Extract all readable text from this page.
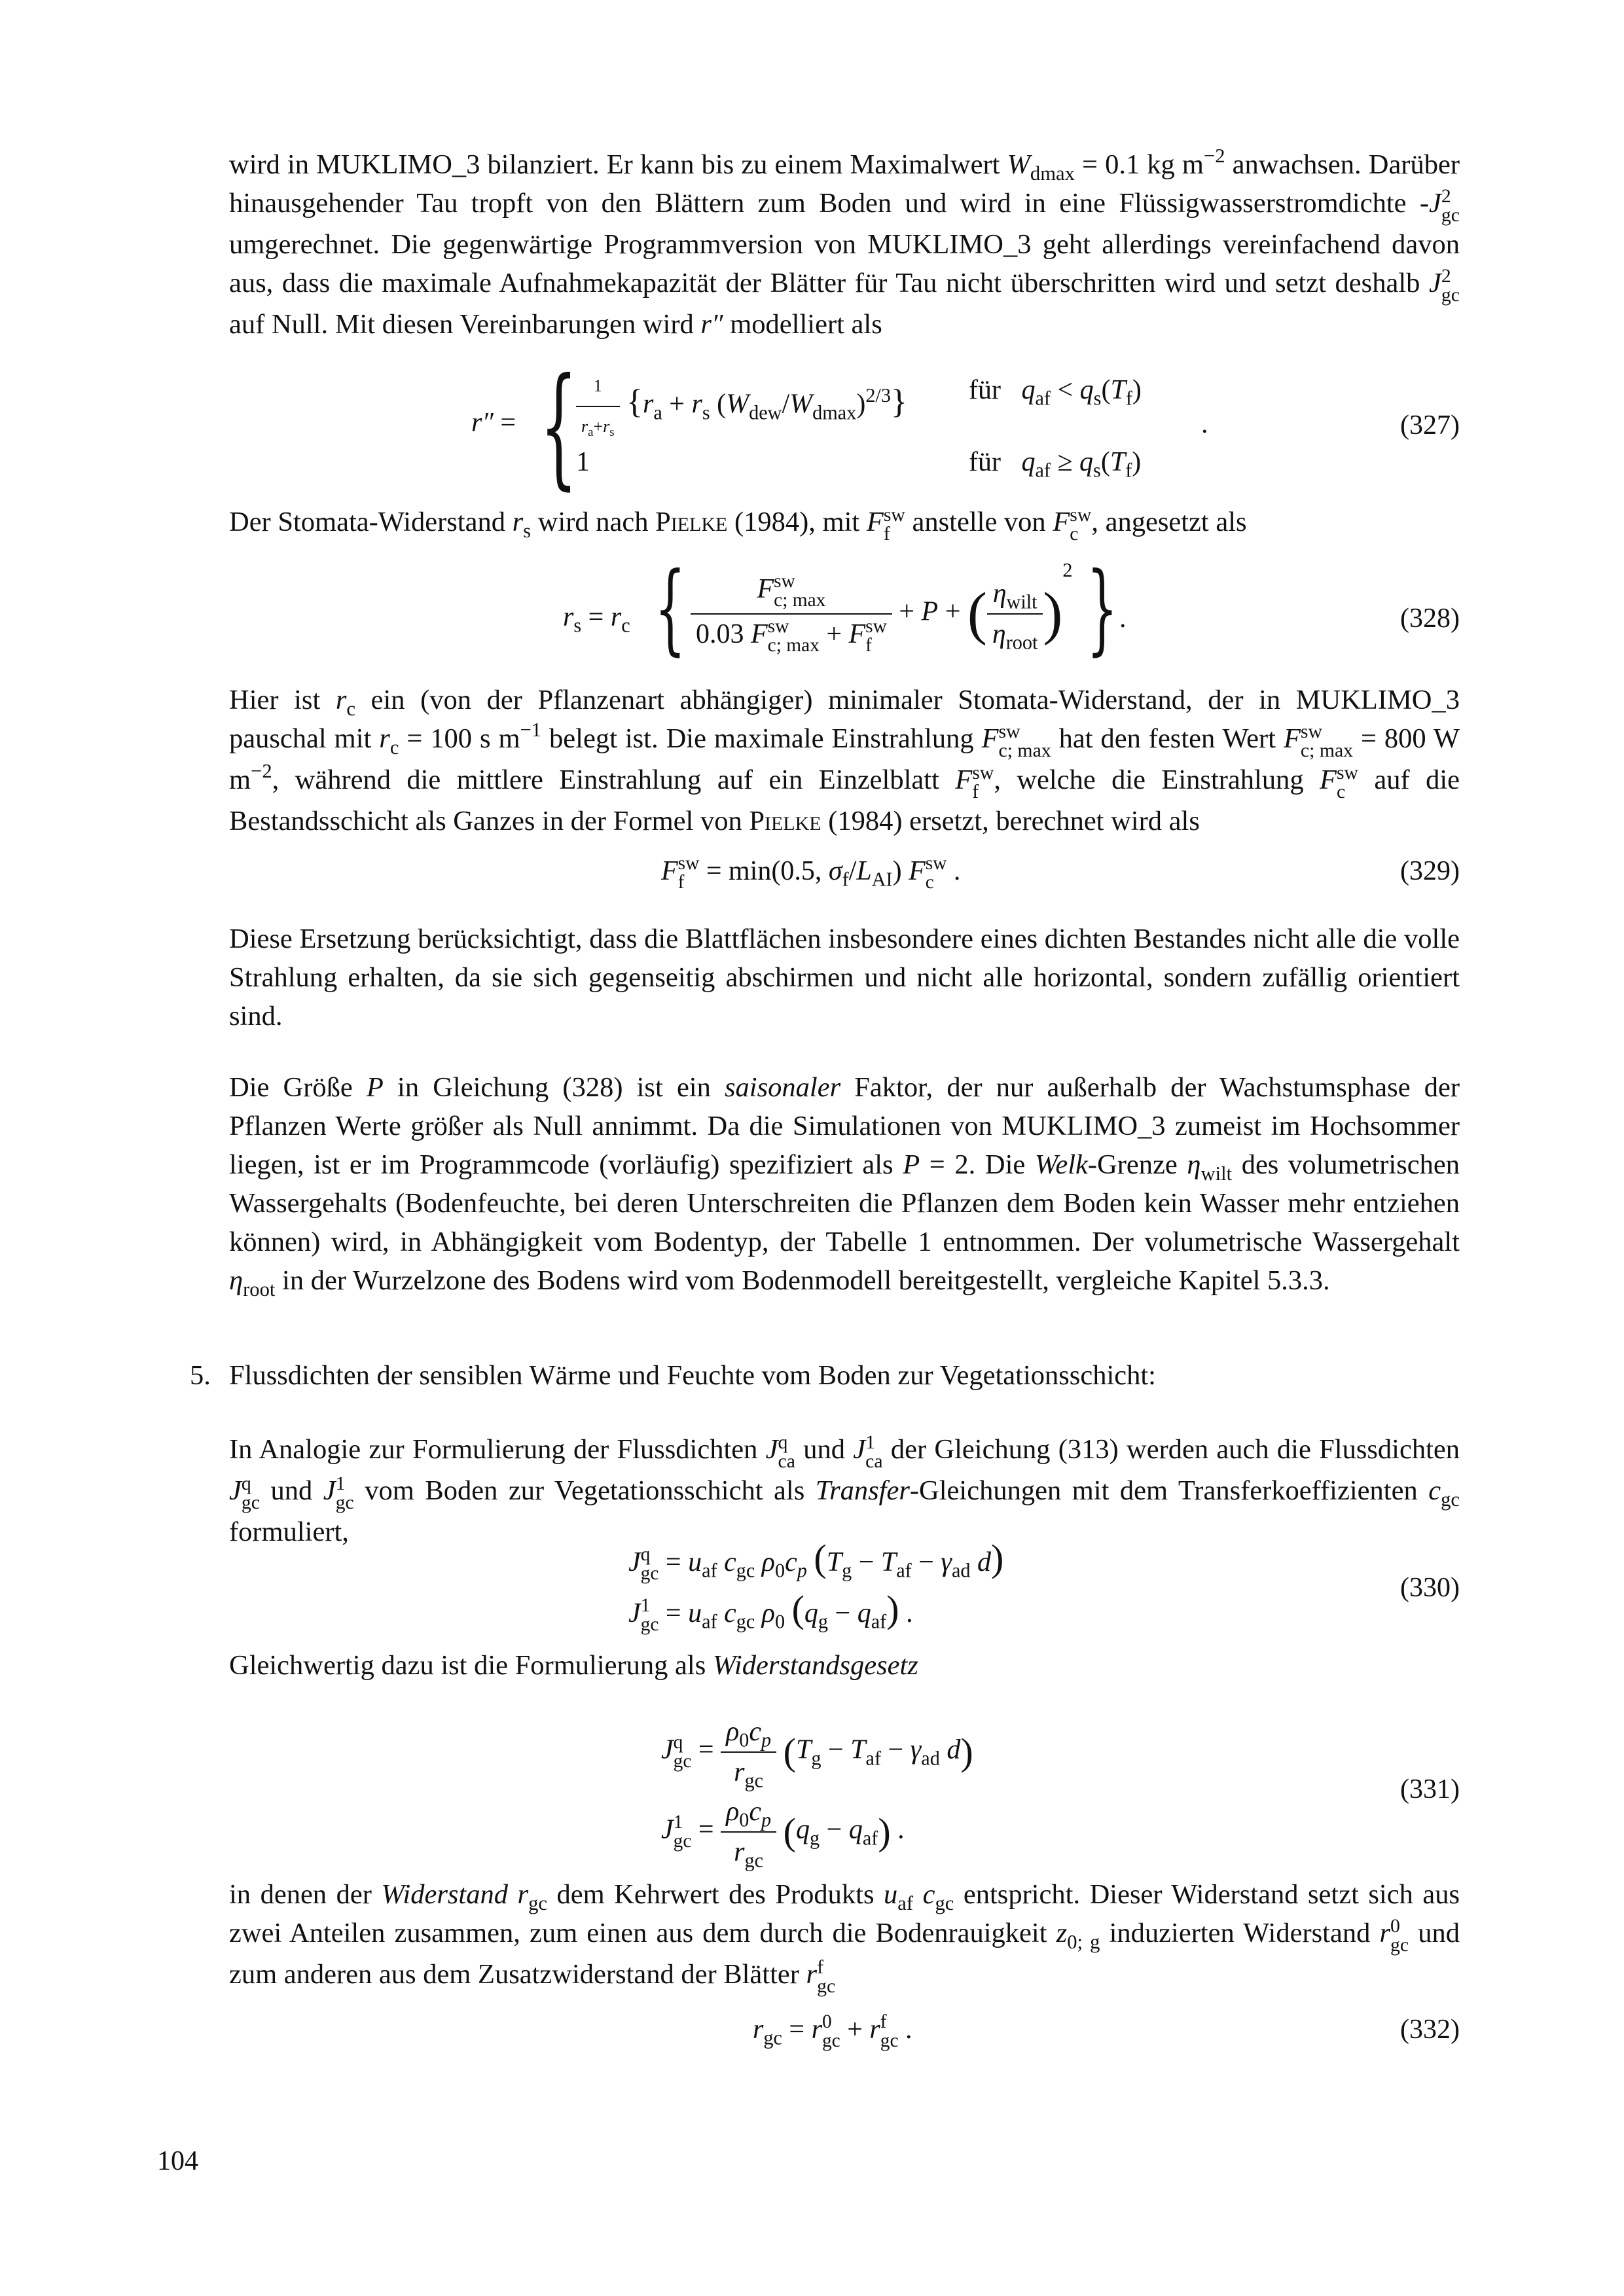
wird in MUKLIMO_3 bilanziert. Er kann bis zu einem Maximalwert $W_{dmax} = 0.1$ kg $m^{-2}$ anwachsen. Darüber hinausgehender Tau tropft von den Blättern zum Boden und wird in eine Flüssigwasserstromdichte -J 2
gc
umgerechnet. Die gegenwärtige Programmversion von MUKLIMO_3 geht allerdings vereinfachend davon aus, dass die maximale Aufnahmekapazität der Blätter für Tau nicht überschritten wird und setzt deshalb J 2
gc
auf Null. Mit diesen Vereinbarungen wird r″ modelliert als

r″ = {
$\frac{1}{r_a+r_s} \{r_a + r_s$ $(W_{dew}/W_{dmax})^{2/3}$} für $q_{af} < q_s(T_f)$
1	für $q_{af} \ge q_s(T_f)$
.	(327)

Der Stomata-Widerstand $r_s$ wird nach Pielke (1984), mit F sw
f anstelle von F sw
c , angesetzt als

$r_s = r_c$ { F sw
c; max
0.03 F sw
c; max + F sw
f + P + ( $\frac{\eta_{wilt}}{\eta_{root}} )^2$ } .	(328)

Hier ist $r_c$ ein (von der Pflanzenart abhängiger) minimaler Stomata-Widerstand, der in MUKLIMO_3 pauschal mit $r_c = 100$ s $m^{-1}$ belegt ist. Die maximale Einstrahlung F sw
c; max hat den festen Wert F sw
c; max = 800 W $m^{-2}$, während die mittlere Einstrahlung auf ein Einzelblatt F sw
f , welche die Einstrahlung F sw
c auf die Bestandsschicht als Ganzes in der Formel von Pielke (1984) ersetzt, berechnet wird als

F sw
f = min(0.5, $\sigma_f/L_{AI}$) F sw
c .	(329)

Diese Ersetzung berücksichtigt, dass die Blattflächen insbesondere eines dichten Bestandes nicht alle die volle Strahlung erhalten, da sie sich gegenseitig abschirmen und nicht alle horizontal, sondern zufällig orientiert sind.

Die Größe P in Gleichung (328) ist ein saisonaler Faktor, der nur außerhalb der Wachstumsphase der Pflanzen Werte größer als Null annimmt. Da die Simulationen von MUKLIMO_3 zumeist im Hochsommer liegen, ist er im Programmcode (vorläufig) spezifiziert als P = 2. Die Welk-Grenze $\eta_{wilt}$ des volumetrischen Wassergehalts (Bodenfeuchte, bei deren Unterschreiten die Pflanzen dem Boden kein Wasser mehr entziehen können) wird, in Abhängigkeit vom Bodentyp, der Tabelle 1 entnommen. Der volumetrische Wassergehalt $\eta_{root}$ in der Wurzelzone des Bodens wird vom Bodenmodell bereitgestellt, vergleiche Kapitel 5.3.3.

5. Flussdichten der sensiblen Wärme und Feuchte vom Boden zur Vegetationsschicht:

In Analogie zur Formulierung der Flussdichten J q
ca und J 1
ca der Gleichung (313) werden auch die Flussdichten J q
gc und J 1
gc vom Boden zur Vegetationsschicht als Transfer-Gleichungen mit dem Transferkoeffizienten $c_{gc}$ formuliert,

J q
gc = $u_{af}$ $c_{gc}$ $\rho_0c_p$ ($T_g - T_{af} - \gamma_{ad}$ d)
J 1
gc = $u_{af}$ $c_{gc}$ $\rho_0$ $(q_g - q_{af})$ .
(330)

Gleichwertig dazu ist die Formulierung als Widerstandsgesetz

J q
gc = $\frac{\rho_0c_p}{r_{gc}} (T_g - T_{af} - \gamma_{ad}$ d)
J 1
gc = $\frac{\rho_0c_p}{r_{gc}} (q_g - q_{af})$ .
(331)

in denen der Widerstand $r_{gc}$ dem Kehrwert des Produkts $u_{af}$ $c_{gc}$ entspricht. Dieser Widerstand setzt sich aus zwei Anteilen zusammen, zum einen aus dem durch die Bodenrauigkeit $z_{0; g}$ induzierten Widerstand r 0
gc und zum anderen aus dem Zusatzwiderstand der Blätter r f
gc

$r_{gc} = r$ 0
gc + r f
gc .	(332)
104
